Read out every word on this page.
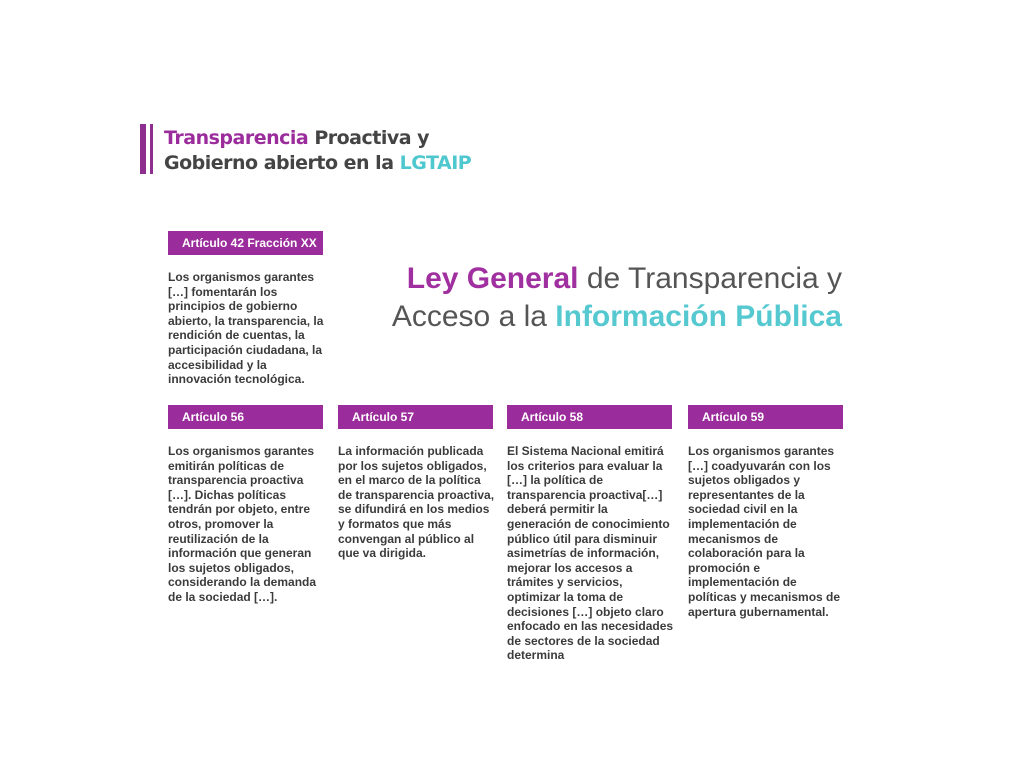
Transparencia Proactiva y
Gobierno abierto en la LGTAIP
Ley General de Transparencia y
Acceso a la Información Pública
Artículo 42 Fracción XX

Los organismos garantes […] fomentarán los principios de gobierno abierto, la transparencia, la rendición de cuentas, la participación ciudadana, la accesibilidad y la innovación tecnológica.

Artículo 56

Los organismos garantes emitirán políticas de transparencia proactiva […]. Dichas políticas tendrán por objeto, entre otros, promover la reutilización de la información que generan los sujetos obligados, considerando la demanda de la sociedad […].

Artículo 57

La información publicada por los sujetos obligados, en el marco de la política de transparencia proactiva, se difundirá en los medios y formatos que más convengan al público al que va dirigida.

Artículo 58

El Sistema Nacional emitirá los criterios para evaluar la […] la política de transparencia proactiva[…] deberá permitir la generación de conocimiento público útil para disminuir asimetrías de información, mejorar los accesos a trámites y servicios, optimizar la toma de decisiones […] objeto claro enfocado en las necesidades de sectores de la sociedad determina

Artículo 59

Los organismos garantes […] coadyuvarán con los sujetos obligados y representantes de la sociedad civil en la implementación de mecanismos de colaboración para la promoción e implementación de políticas y mecanismos de apertura gubernamental.
